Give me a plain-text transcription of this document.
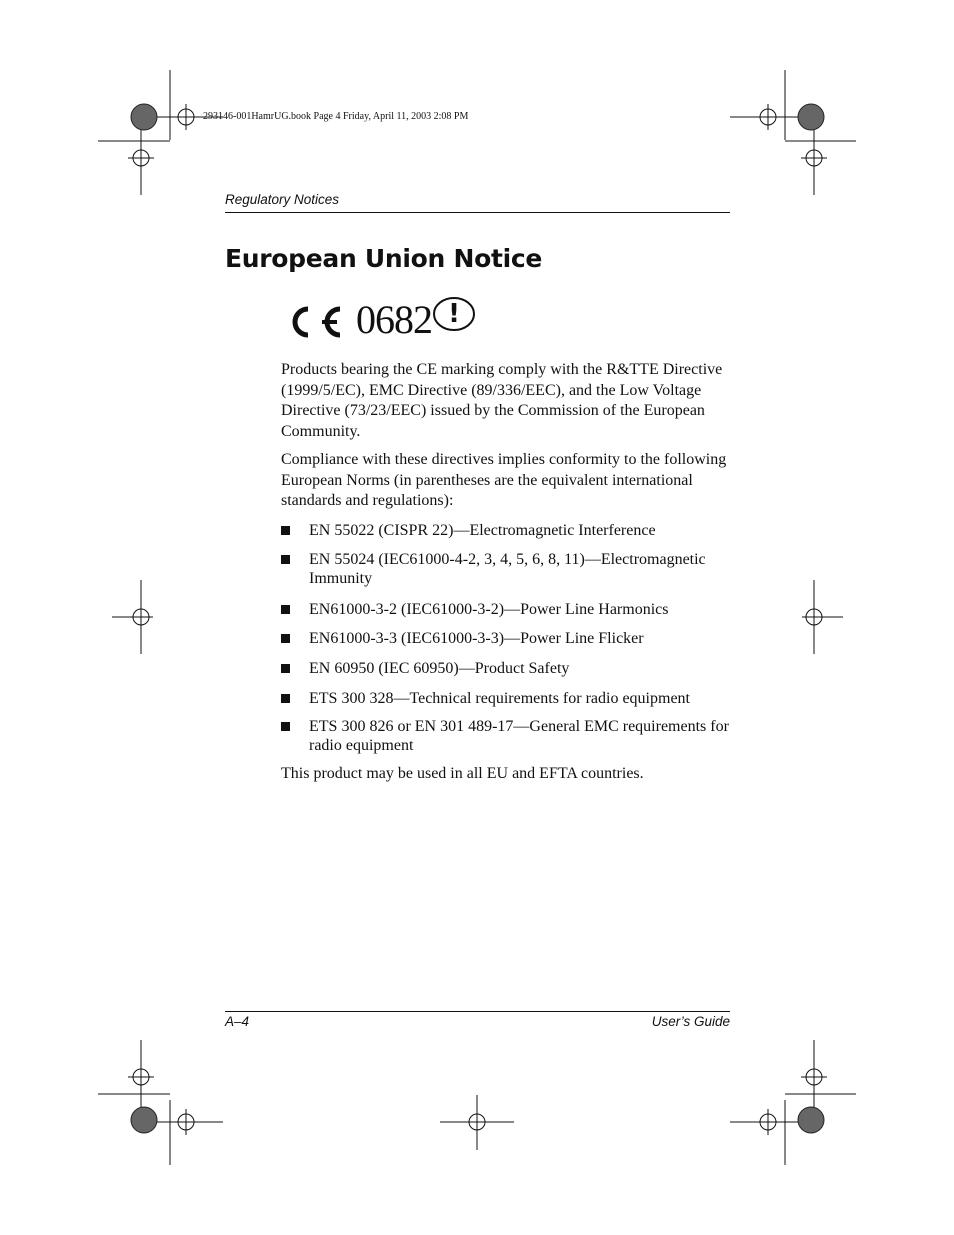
293146-001HamrUG.book Page 4 Friday, April 11, 2003 2:08 PM
Regulatory Notices
European Union Notice
0682 !

Products bearing the CE marking comply with the R&TTE Directive (1999/5/EC), EMC Directive (89/336/EEC), and the Low Voltage Directive (73/23/EEC) issued by the Commission of the European Community.

Compliance with these directives implies conformity to the following European Norms (in parentheses are the equivalent international standards and regulations):

EN 55022 (CISPR 22)—Electromagnetic Interference
EN 55024 (IEC61000-4-2, 3, 4, 5, 6, 8, 11)—Electromagnetic Immunity
EN61000-3-2 (IEC61000-3-2)—Power Line Harmonics
EN61000-3-3 (IEC61000-3-3)—Power Line Flicker
EN 60950 (IEC 60950)—Product Safety
ETS 300 328—Technical requirements for radio equipment
ETS 300 826 or EN 301 489-17—General EMC requirements for radio equipment

This product may be used in all EU and EFTA countries.

A–4	User’s Guide
